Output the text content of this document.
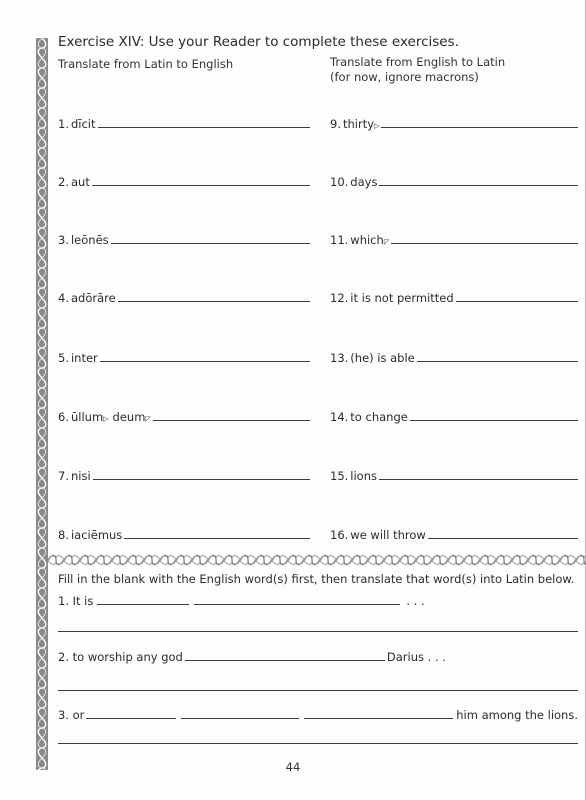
Exercise XIV: Use your Reader to complete these exercises.
Translate from Latin to English	Translate from English to Latin
(for now, ignore macrons)
1. dīcit
2. aut
3. leōnēs
4. adōrāre
5. inter
6. ūllum▷ deum◸
7. nisi
8. iaciēmus
9. thirty▷
10. days
11. which◸
12. it is not permitted
13. (he) is able
14. to change
15. lions
16. we will throw
Fill in the blank with the English word(s) first, then translate that word(s) into Latin below.
1. It is	. . .
2. to worship any god	Darius . . .
3. or	him among the lions.
44
